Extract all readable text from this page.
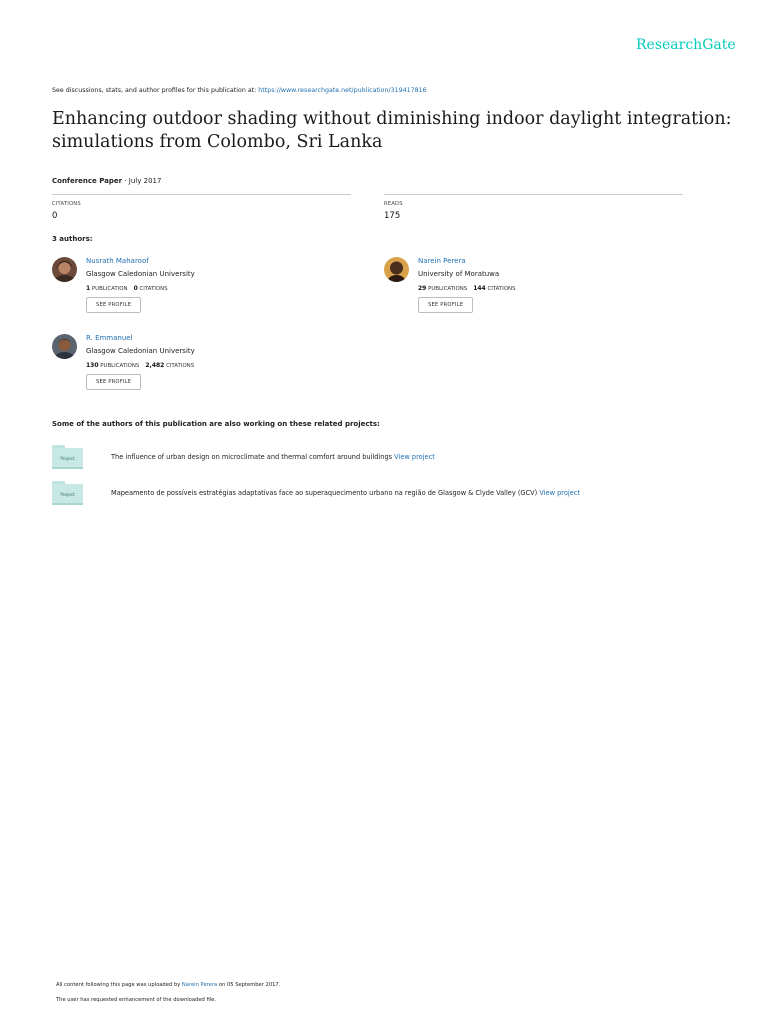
ResearchGate
See discussions, stats, and author profiles for this publication at: https://www.researchgate.net/publication/319417816
Enhancing outdoor shading without diminishing indoor daylight integration: simulations from Colombo, Sri Lanka
Conference Paper · July 2017
CITATIONS
0
READS
175
3 authors:
Nusrath Maharoof
Glasgow Caledonian University
1 PUBLICATION 0 CITATIONS
SEE PROFILE
Narein Perera
University of Moratuwa
29 PUBLICATIONS 144 CITATIONS
SEE PROFILE
R. Emmanuel
Glasgow Caledonian University
130 PUBLICATIONS 2,482 CITATIONS
SEE PROFILE
Some of the authors of this publication are also working on these related projects:
Project	The influence of urban design on microclimate and thermal comfort around buildings View project
Project	Mapeamento de possíveis estratégias adaptativas face ao superaquecimento urbano na região de Glasgow & Clyde Valley (GCV) View project
All content following this page was uploaded by Narein Perera on 05 September 2017.
The user has requested enhancement of the downloaded file.
